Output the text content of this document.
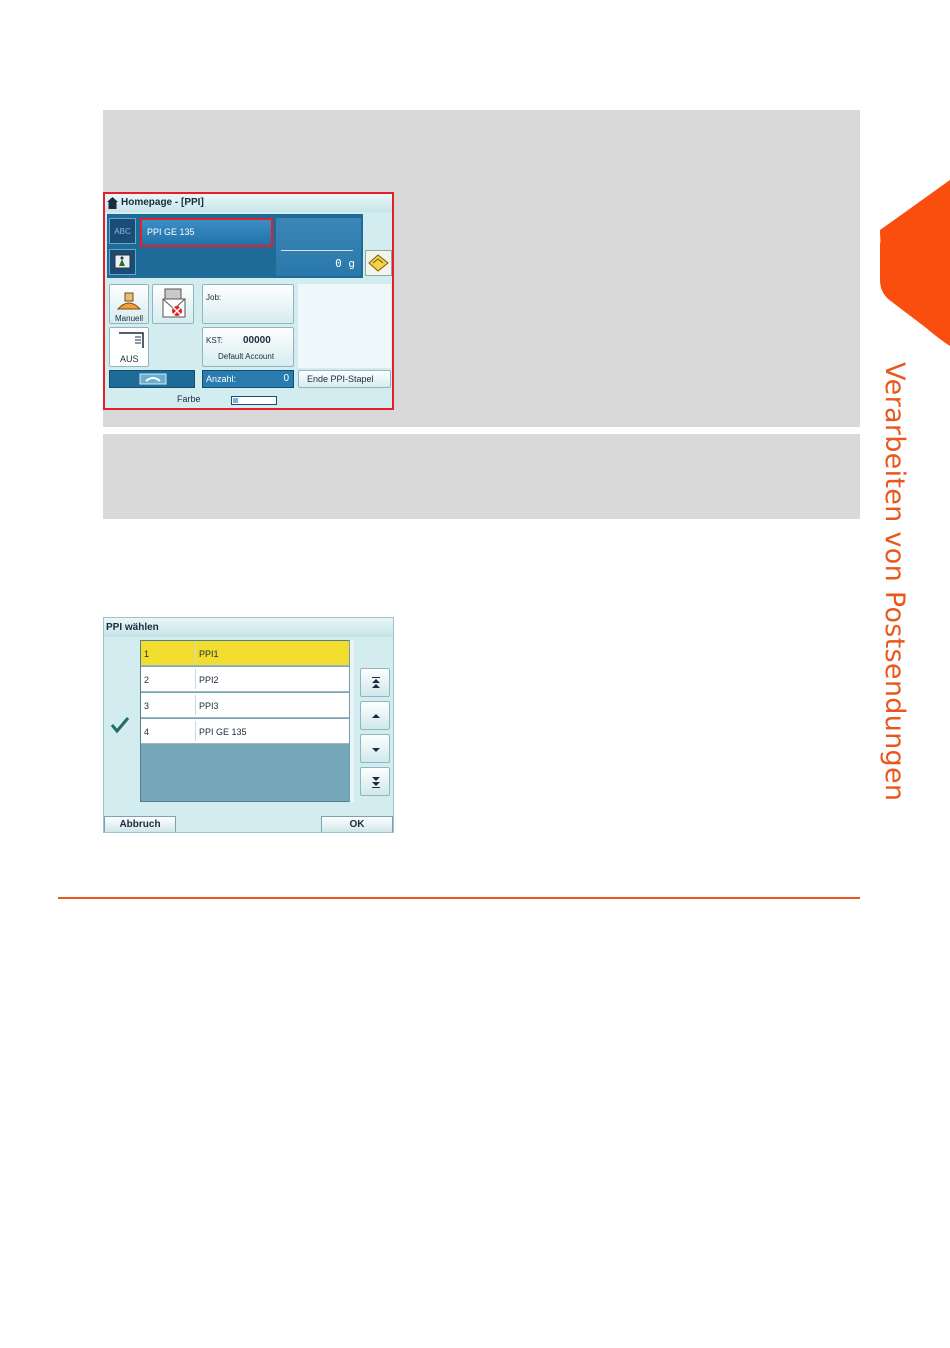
Verarbeiten von Postsendungen
Homepage - [PPI]
ABC	PPI GE 135
0 g
Manuell
AUS
Job:
KST: 00000
Default Account
Anzahl:	0 Ende PPI-Stapel
Farbe
PPI wählen
1	PPI1
2	PPI2
3	PPI3
4	PPI GE 135
Abbruch	OK
